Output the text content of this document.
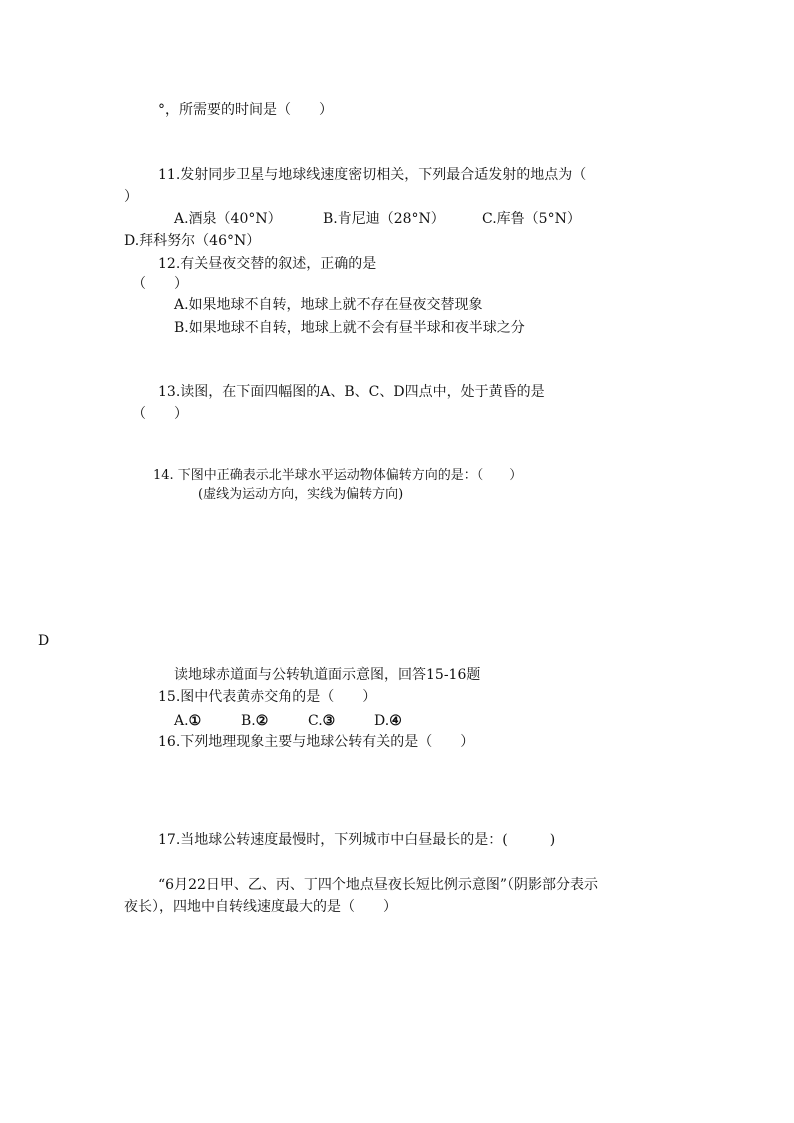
°，所需要的时间是（　　）
11.发射同步卫星与地球线速度密切相关，下列最合适发射的地点为（
）
A.酒泉（40°N）	B.肯尼迪（28°N）	C.库鲁（5°N）
D.拜科努尔（46°N）
12.有关昼夜交替的叙述，正确的是
（　　）
A.如果地球不自转，地球上就不存在昼夜交替现象
B.如果地球不自转，地球上就不会有昼半球和夜半球之分
13.读图，在下面四幅图的A、B、C、D四点中，处于黄昏的是
（　　）
14. 下图中正确表示北半球水平运动物体偏转方向的是：（　　）
(虚线为运动方向，实线为偏转方向)
D
读地球赤道面与公转轨道面示意图，回答15-16题
15.图中代表黄赤交角的是（　　）
A.①	B.②	C.③	D.④
16.下列地理现象主要与地球公转有关的是（　　）
17.当地球公转速度最慢时，下列城市中白昼最长的是：(　　　)
“6月22日甲、乙、丙、丁四个地点昼夜长短比例示意图”（阴影部分表示
夜长），四地中自转线速度最大的是（　　）
